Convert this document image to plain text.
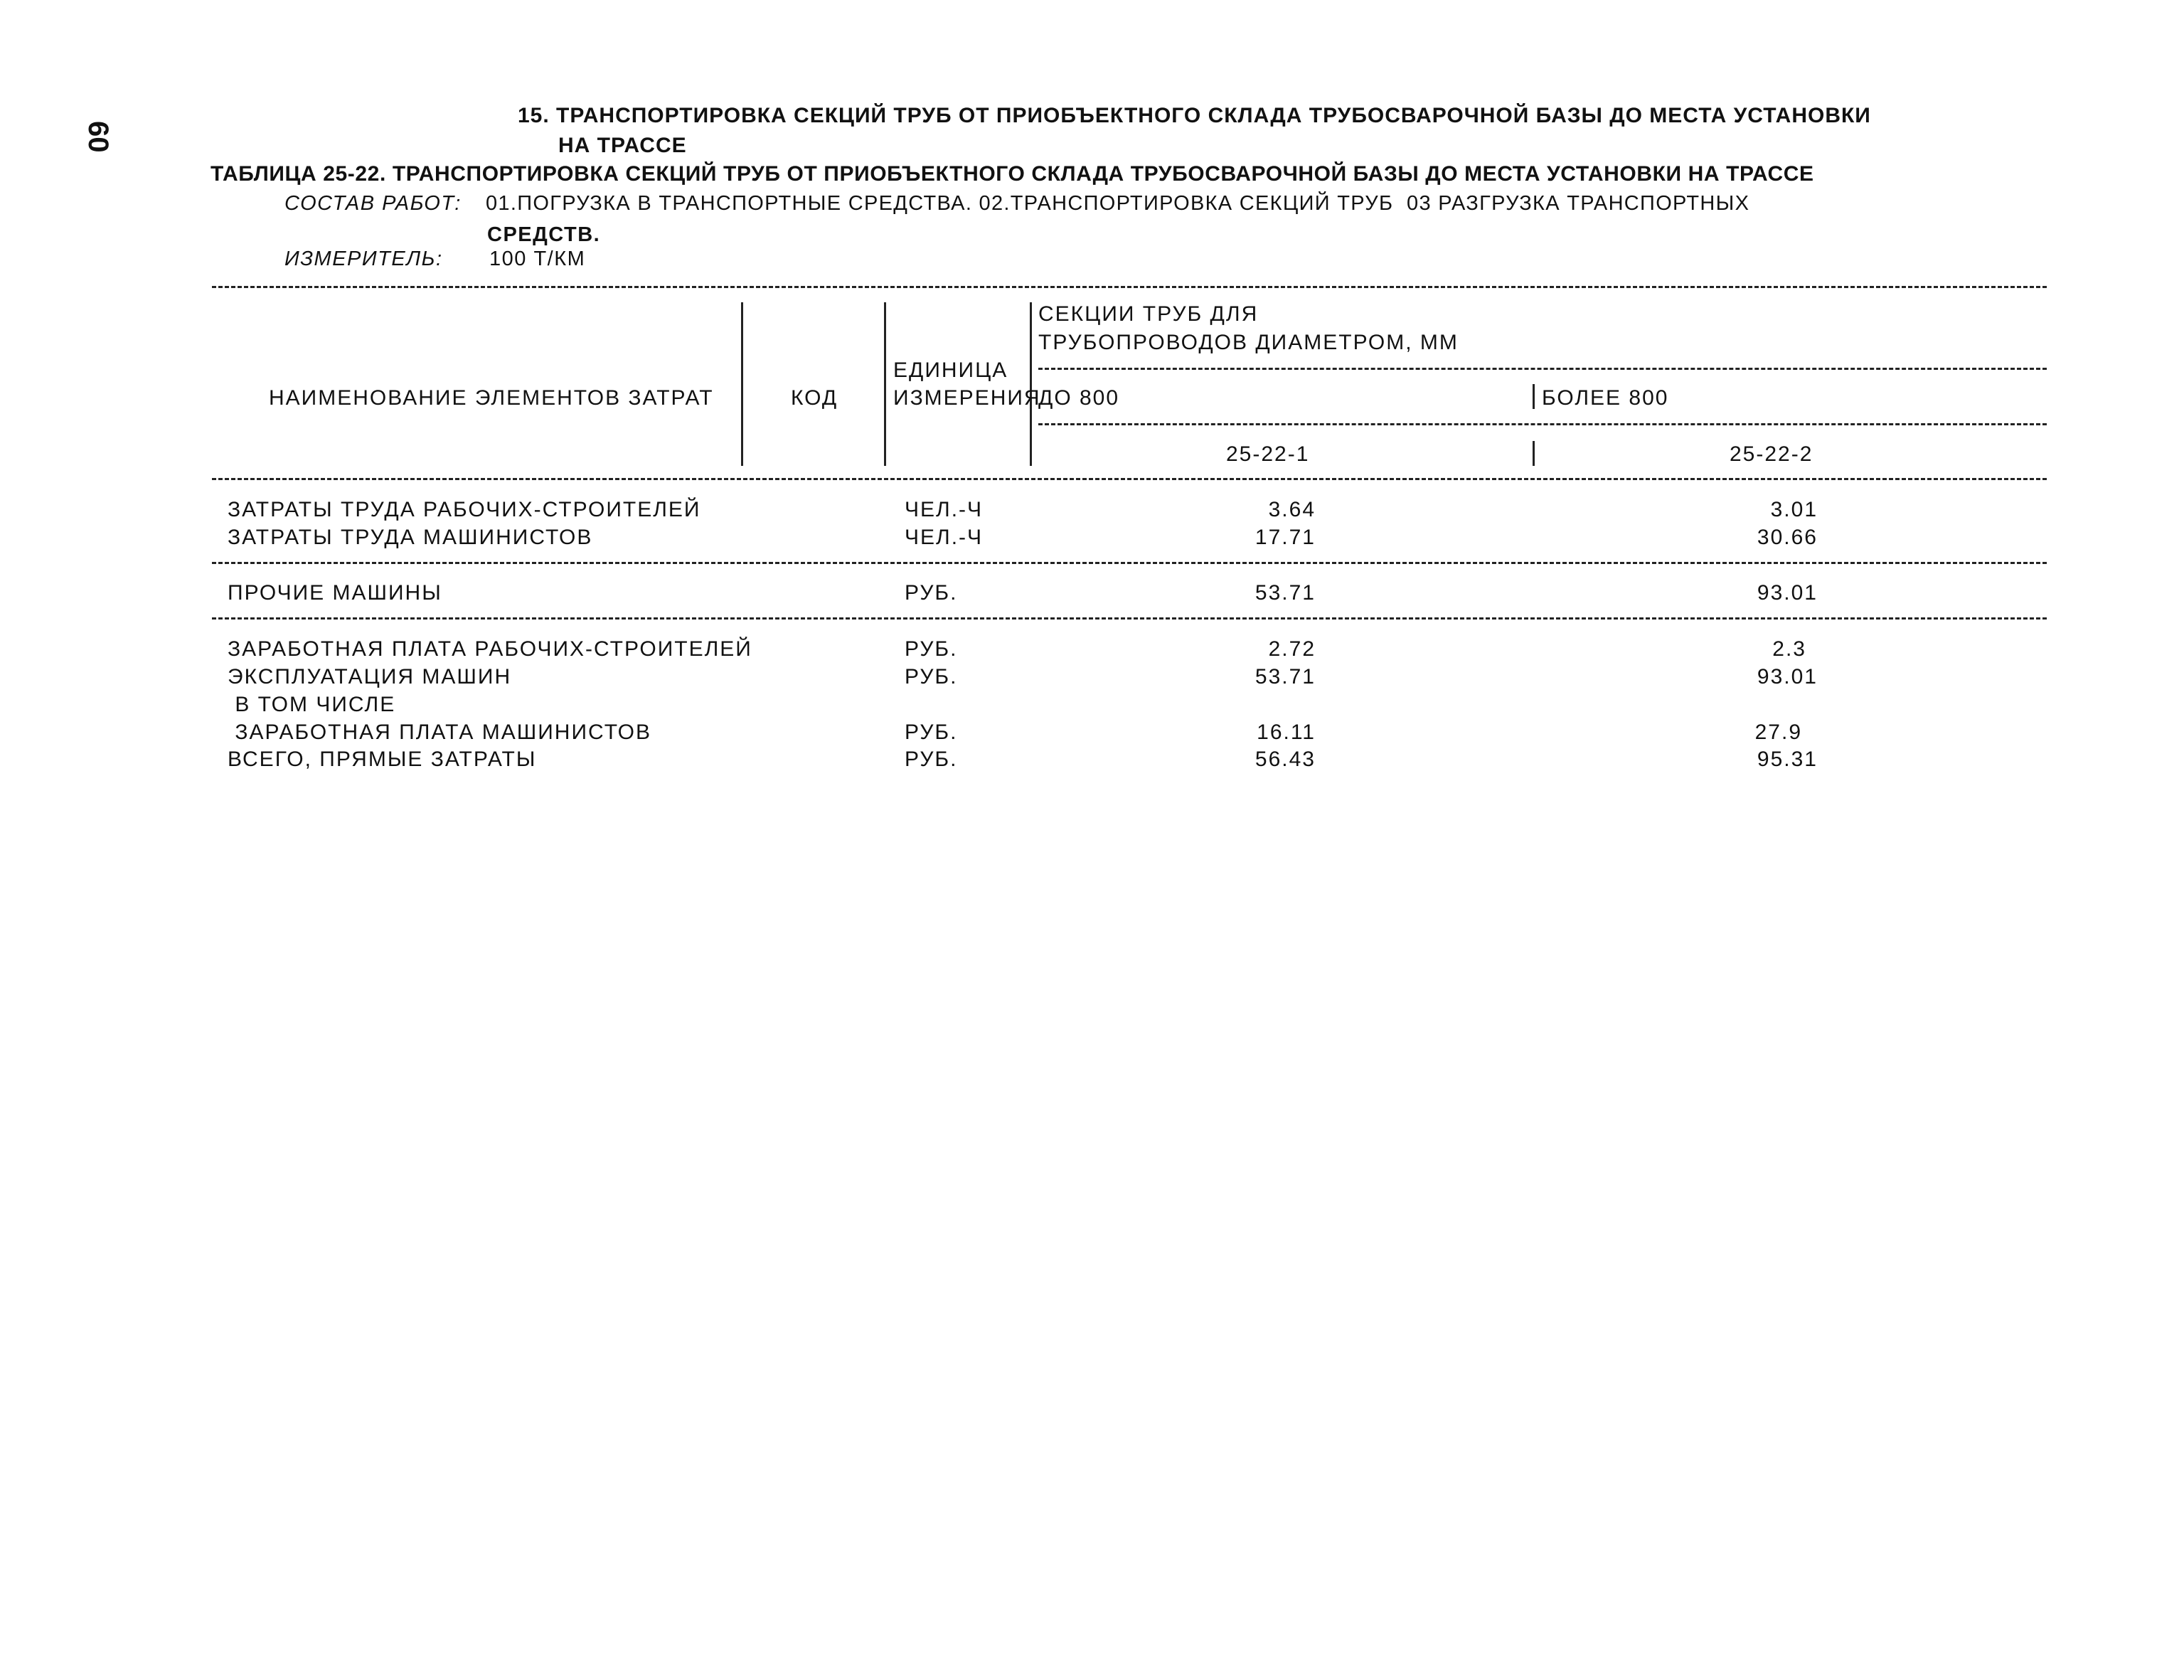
60
15. ТРАНСПОРТИРОВКА СЕКЦИЙ ТРУБ ОТ ПРИОБЪЕКТНОГО СКЛАДА ТРУБОСВАРОЧНОЙ БАЗЫ ДО МЕСТА УСТАНОВКИ
НА ТРАССЕ
ТАБЛИЦА 25-22. ТРАНСПОРТИРОВКА СЕКЦИЙ ТРУБ ОТ ПРИОБЪЕКТНОГО СКЛАДА ТРУБОСВАРОЧНОЙ БАЗЫ ДО МЕСТА УСТАНОВКИ НА ТРАССЕ
СОСТАВ РАБОТ: 01.ПОГРУЗКА В ТРАНСПОРТНЫЕ СРЕДСТВА. 02.ТРАНСПОРТИРОВКА СЕКЦИЙ ТРУБ  03 РАЗГРУЗКА ТРАНСПОРТНЫХ
СРЕДСТВ.
ИЗМЕРИТЕЛЬ: 100 Т/КМ
НАИМЕНОВАНИЕ ЭЛЕМЕНТОВ ЗАТРАТ	КОД
ЕДИНИЦА
ИЗМЕРЕНИЯ
СЕКЦИИ ТРУБ ДЛЯ
ТРУБОПРОВОДОВ ДИАМЕТРОМ, ММ
ДО 800	БОЛЕЕ 800
25-22-1	25-22-2
ЗАТРАТЫ ТРУДА РАБОЧИХ-СТРОИТЕЛЕЙ	ЧЕЛ.-Ч	3.64	3.01
ЗАТРАТЫ ТРУДА МАШИНИСТОВ	ЧЕЛ.-Ч	17.71	30.66
ПРОЧИЕ МАШИНЫ	РУБ.	53.71	93.01
ЗАРАБОТНАЯ ПЛАТА РАБОЧИХ-СТРОИТЕЛЕЙ	РУБ.	2.72	2.3
ЭКСПЛУАТАЦИЯ МАШИН	РУБ.	53.71	93.01
В ТОМ ЧИСЛЕ
ЗАРАБОТНАЯ ПЛАТА МАШИНИСТОВ	РУБ.	16.11	27.9
ВСЕГО, ПРЯМЫЕ ЗАТРАТЫ	РУБ.	56.43	95.31
